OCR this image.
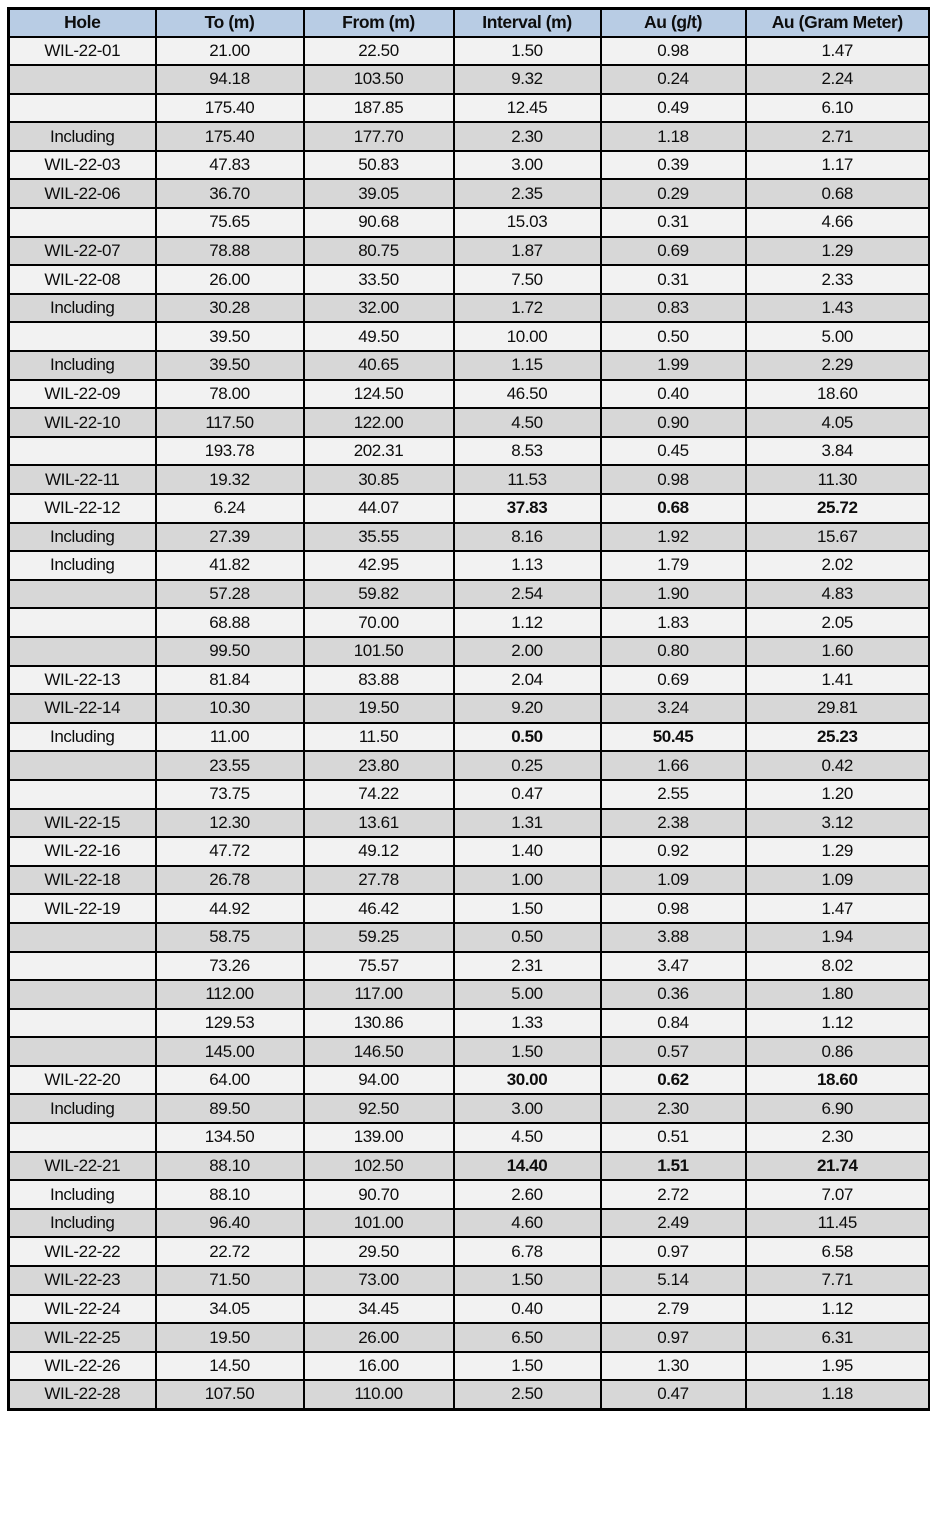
Hole	To (m)	From (m)	Interval (m)	Au (g/t)	Au (Gram Meter)
WIL-22-01	21.00	22.50	1.50	0.98	1.47
	94.18	103.50	9.32	0.24	2.24
	175.40	187.85	12.45	0.49	6.10
Including	175.40	177.70	2.30	1.18	2.71
WIL-22-03	47.83	50.83	3.00	0.39	1.17
WIL-22-06	36.70	39.05	2.35	0.29	0.68
	75.65	90.68	15.03	0.31	4.66
WIL-22-07	78.88	80.75	1.87	0.69	1.29
WIL-22-08	26.00	33.50	7.50	0.31	2.33
Including	30.28	32.00	1.72	0.83	1.43
	39.50	49.50	10.00	0.50	5.00
Including	39.50	40.65	1.15	1.99	2.29
WIL-22-09	78.00	124.50	46.50	0.40	18.60
WIL-22-10	117.50	122.00	4.50	0.90	4.05
	193.78	202.31	8.53	0.45	3.84
WIL-22-11	19.32	30.85	11.53	0.98	11.30
WIL-22-12	6.24	44.07	37.83	0.68	25.72
Including	27.39	35.55	8.16	1.92	15.67
Including	41.82	42.95	1.13	1.79	2.02
	57.28	59.82	2.54	1.90	4.83
	68.88	70.00	1.12	1.83	2.05
	99.50	101.50	2.00	0.80	1.60
WIL-22-13	81.84	83.88	2.04	0.69	1.41
WIL-22-14	10.30	19.50	9.20	3.24	29.81
Including	11.00	11.50	0.50	50.45	25.23
	23.55	23.80	0.25	1.66	0.42
	73.75	74.22	0.47	2.55	1.20
WIL-22-15	12.30	13.61	1.31	2.38	3.12
WIL-22-16	47.72	49.12	1.40	0.92	1.29
WIL-22-18	26.78	27.78	1.00	1.09	1.09
WIL-22-19	44.92	46.42	1.50	0.98	1.47
	58.75	59.25	0.50	3.88	1.94
	73.26	75.57	2.31	3.47	8.02
	112.00	117.00	5.00	0.36	1.80
	129.53	130.86	1.33	0.84	1.12
	145.00	146.50	1.50	0.57	0.86
WIL-22-20	64.00	94.00	30.00	0.62	18.60
Including	89.50	92.50	3.00	2.30	6.90
	134.50	139.00	4.50	0.51	2.30
WIL-22-21	88.10	102.50	14.40	1.51	21.74
Including	88.10	90.70	2.60	2.72	7.07
Including	96.40	101.00	4.60	2.49	11.45
WIL-22-22	22.72	29.50	6.78	0.97	6.58
WIL-22-23	71.50	73.00	1.50	5.14	7.71
WIL-22-24	34.05	34.45	0.40	2.79	1.12
WIL-22-25	19.50	26.00	6.50	0.97	6.31
WIL-22-26	14.50	16.00	1.50	1.30	1.95
WIL-22-28	107.50	110.00	2.50	0.47	1.18
